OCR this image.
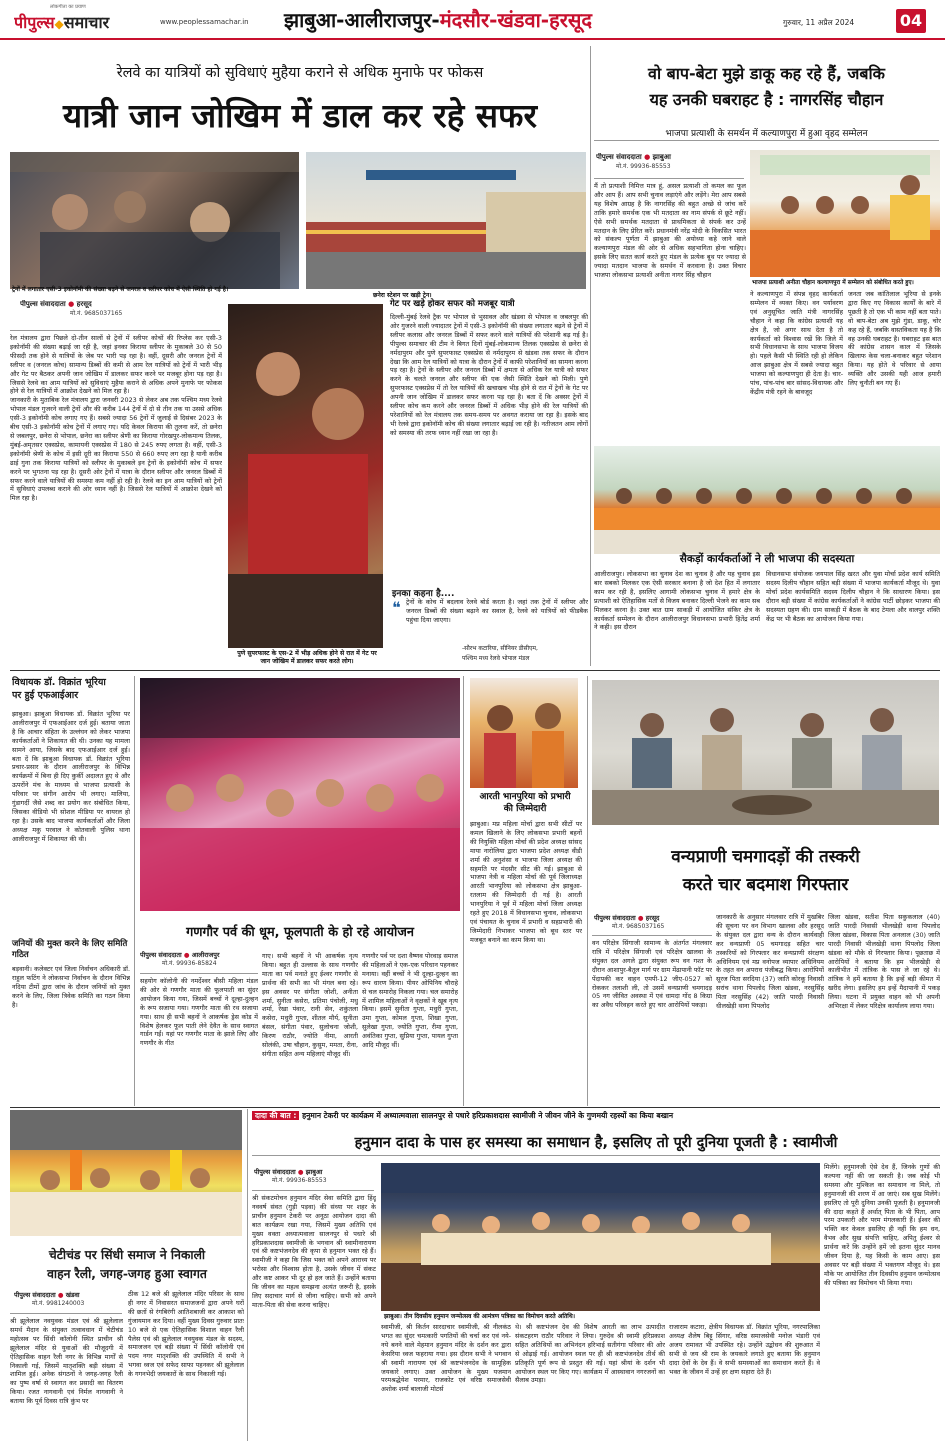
लोकगीता का प्रयाण
पीपुल्स◆समाचार	www.peoplessamachar.in झाबुआ-आलीराजपुर-मंदसौर-खंडवा-हरसूद	गुरुवार, 11 अप्रैल 2024	04
रेलवे का यात्रियों को सुविधाएं मुहैया कराने से अधिक मुनाफे पर फोकस
यात्री जान जोखिम में डाल कर रहे सफर
ट्रेनों में लगातार एसी-3 इकोनॉमी की संख्या बढ़ने से जनरल व स्लीपर कोच में ऐसी स्थिति हो गई है।
छनेरा स्टेशन पर खड़ी ट्रेन।
पीपुल्स संवाददाता ● हरसूद
मो.नं. 9685037165
रेल मंत्रालय द्वारा पिछले दो-तीन सालों से ट्रेनों में स्लीपर कोचों की रिप्लेस कर एसी-3 इकोनॉमी की संख्या बढ़ाई जा रही है, जहां इनका किराया स्लीपर के मुकाबले 30 से 50 फीसदी तक होने से यात्रियों के जेब पर भारी पड़ रहा है। वहीं, दूसरी और जनरल ट्रेनों में स्लीपर व (जनरल कोच) सामान्य डिब्बों की कमी से आम रेल यात्रियों को ट्रेनों में भारी भीड़ और गेट पर बैठकर अपनी जान जोखिम में डालकर सफर करने पर मजबूर होना पड़ रहा है। जिससे रेलवे का आम यात्रियों को सुविधाएं मुहैया कराने से अधिक अपने मुनाफे पर फोकस होने से रेल यात्रियों में आक्रोश देखने को मिल रहा है।
जानकारी के मुताबिक रेल मंत्रालय द्वारा जनवरी 2023 से लेकर अब तक पश्चिम मध्य रेलवे भोपाल मंडल गुजरने वाली ट्रेनों और की करीब 144 ट्रेनों में दो से तीन तक या उससे अधिक एसी-3 इकोनॉमी कोच लगाए गए हैं। सबसे ज्यादा 56 ट्रेनों में जुलाई से दिसंबर 2023 के बीच एसी-3 इकोनॉमी कोच ट्रेनों में लगाए गए। यदि केवल किराया की तुलना करें, तो छनेरा से जबलपुर, छनेरा से भोपाल, छनेरा का स्लीपर श्रेणी का किराया गोरखपुर-लोकमान्य तिलक, मुंबई-अमृतसर एक्सप्रेस, कामायनी एक्सप्रेस में 180 से 245 रुपए लगता है। वहीं, एसी-3 इकोनॉमी श्रेणी के कोच में इसी दूरी का किराया 550 से 660 रुपए लग रहा है यानी करीब ढाई गुना तक किराया यात्रियों को स्लीपर के मुकाबले इन ट्रेनों के इकोनॉमी कोच में सफर करने पर भुगतना पड़ रहा है। दूसरी ओर ट्रेनों में यात्रा के दौरान स्लीपर और जनरल डिब्बों में सफर करने वाले यात्रियों की समस्या कम नहीं हो रही है। रेलवे का इन आम यात्रियों को ट्रेनों में सुविधाएं उपलब्ध कराने की ओर ध्यान नहीं है। जिससे रेल यात्रियों में आक्रोश देखने को मिल रहा है।
पुणे सुपरफास्ट के एस-2 में भीड़ अधिक होने से रात में गेट पर जान जोखिम में डालकर सफर करते लोग।
गेट पर खड़े होकर सफर को मजबूर यात्री
दिल्ली-मुंबई रेलवे ट्रैक पर भोपाल से भुसावल और खंडवा से भोपाल व जबलपुर की ओर गुजरने वाली ज्यादातर ट्रेनों में एसी-3 इकोनॉमी की संख्या लगातार बढ़ने से ट्रेनों में स्लीपर कलास और जनरल डिब्बों में सफर करने वाले यात्रियों की परेशानी बढ़ गई है। पीपुल्स समाचार की टीम ने बिगत दिनों मुंबई-लोकमान्य तिलक एक्सप्रेस से छनेरा से नर्मदापुरम और पुणे सुपरफास्ट एक्सप्रेस से नर्मदापुरम से खंडवा तक सफर के दौरान देखा कि आम रेल यात्रियों को यात्रा के दौरान ट्रेनों में काफी परेशानियों का सामना करना पड़ रहा है। ट्रेनों के स्लीपर और जनरल डिब्बों में क्षमता से अधिक रेल यात्री को सफर करने के चलते जनरल और स्लीपर की एक जैसी स्थिति देखने को मिली। पुणे सुपरफास्ट एक्सप्रेस में तो रेल यात्रियों की खचाखच भीड़ होने से रात में ट्रेनों के गेट पर अपनी जान जोखिम में डालकर सफर करना पड़ रहा है। बता दें कि अक्सर ट्रेनों में स्लीपर कोच कम करने और जनरल डिब्बों में अधिक भीड़ होने की रेल यात्रियों की परेशानियों को रेल मंत्रालय तक समय-समय पर अवगत कराया जा रहा है। इसके बाद भी रेलवे द्वारा इकोनॉमी कोच की संख्या लगातार बढ़ाई जा रही है। नतीजतन आम लोगों को समस्या की तरफ ध्यान नहीं रखा जा रहा है।
इनका कहना है....
❝ ट्रेनों के कोच में बदलाव रेलवे बोर्ड करता है। जहां तक ट्रेनों में स्लीपर और जनरल डिब्बों की संख्या बढ़ाने का सवाल है, रेलवे को यात्रियों को फीडबैक पहुंचा दिया जाएगा।
-सौरभ कटारिया, सीनियर डीसीएम,
पश्चिम मध्य रेलवे भोपाल मंडल
वो बाप-बेटा मुझे डाकू कह रहे हैं, जबकि
यह उनकी घबराहट है : नागरसिंह चौहान
भाजपा प्रत्याशी के समर्थन में कल्याणपुरा में हुआ वृहद सम्मेलन
पीपुल्स संवाददाता ● झाबुआ
मो.नं. 99936-85553
मैं तो प्रत्याशी निमित्त मात्र हूं, असल प्रत्याशी तो कमल का फूल और आप हैं। आप सभी चुनाव लड़ाएंगे और लड़ेंगे। मेरा आप सबसे यह विशेष आग्रह है कि नागरसिंह की बहुत अच्छे से जांच करें ताकि हमारे समर्थक एक भी मतदाता का नाम संपर्क से छूटे नहीं। ऐसे सभी समर्थक मतदाता से प्राथमिकता से संपर्क कर उन्हें मतदान के लिए प्रेरित करें। प्रधानमंत्री नरेंद्र मोदी के विकसित भारत को संकल्प पूर्णता में झाबुआ की अयोध्या कहे जाने वाले कल्याणपुरा मंडल की ओर से अधिक सहभागिता होना चाहिए। इसके लिए सतत कार्य करते हुए मंडल के प्रत्येक बूथ पर ज्यादा से ज्यादा मतदान भाजपा के समर्थन में करवाना है। उक्त विचार भाजपा लोकसभा प्रत्याशी अनीता नागर सिंह चौहान
भाजपा प्रत्याशी अनीता चौहान कल्याणपुरा में सम्मेलन को संबोधित करते हुए।
ने कल्याणपुरा में संपन्न वृहद कार्यकर्ता सम्मेलन में व्यक्त किए। वन पर्यावरण एवं अनुसूचित जाति मंत्री नागरसिंह चौहान ने कहा कि कांग्रेस प्रत्याशी यह क्षेत्र है, जो अगर साथ देता है तो कार्यकर्ता को विश्वास रखें कि जिले में सभी विधानसभा के साथ भाजपा विजय हो। पहले कैसी भी स्थिति रही हो लेकिन आज झाबुआ क्षेत्र में सबसे ज्यादा बहुत भाजपा को कल्याणपुरा ही देता है। चार-पांच, पांच-पांच बार सांसद-विधायक और केंद्रीय मंत्री रहने के बावजूद
जनता जब कांतिलाल भूरिया से इनके द्वारा किए गए विकास कार्यों के बारे में पूछती है तो एक भी काम नहीं बता पाते। वो बाप-बेटा अब मुझे गुंडा, डाकू, चोर कह रहे हैं, जबकि वास्तविकता यह है कि वह उनकी घबराहट है। घबराहट इस बात की कांग्रेस शासन काल में जिसके खिलाफ केस चला-बनाकर बहुत परेशान किया। यह होते थे परिवार से आया व्यक्ति और उसकी यही आज हमारी लिए चुनौती बन गए हैं।
सैकड़ों कार्यकर्ताओं ने ली भाजपा की सदस्यता
आलीराजपुर। लोकसभा का चुनाव देश का चुनाव है और यह चुनाव इस बार सबको मिलकर एक ऐसी सरकार बनाना है जो देश हित में लगातार काम कर रही है, इसलिए आगामी लोकसभा चुनाव में हमारे क्षेत्र के प्रत्याशी को ऐतिहासिक मतों से विजय बनाकर दिल्ली भेजने का काम सब मिलकर करना है। उक्त बात ग्राम साकड़ी में आयोजित संकिर क्षेत्र के कार्यकर्ता सम्मेलन के दौरान आलीराजपुर विधानसभा प्रभारी हितेंद्र शर्मा ने कही। इस दौरान
विधानसभा संयोजक जयपाल सिंह खरत और युवा मोर्चा प्रदेश कार्य समिति सदस्य दिलीप चौहान सहित बड़ी संख्या में भाजपा कार्यकर्ता मौजूद थे। युवा मोर्चा प्रदेश कार्यसमिति सदस्य दिलीप चौहान ने कि साधारण किया। इस दौरान बड़ी संख्या में कांग्रेस कार्यकर्ताओं ने कांग्रेस पार्टी छोड़कर भाजपा की सदस्यता ग्रहण की। ग्राम साकड़ी में बैठक के बाद टेमला और वालपुर शक्ति केंद्र पर भी बैठक का आयोजन किया गया।
विधायक डॉ. विक्रांत भूरिया
पर हुई एफआईआर
झाबुआ। झाबुआ विधायक डॉ. विक्रांत भूरिया पर आलीराजपुर में एफआईआर दर्ज हुई। बताया जाता है कि आचार संहिता के उल्लंघन को लेकर भाजपा कार्यकर्ताओं ने शिकायत की थी। उनका यह मामला सामने आया, जिसके बाद एफआईआर दर्ज हुई। बता दें कि झाबुआ विधायक डॉ. विक्रांत भूरिया प्रचार-प्रसार के दौरान आलीराजपुर के विभिन्न कार्यक्रमों में बिना ही दिए कुर्की अदालत हुए थे और ऊपरोंने मंच के माध्यम से भाजपा प्रत्याशी के परिवार पर संगीन आरोप भी लगाए। मालिया, गुंडागर्दी जैसे शब्द का प्रयोग कर संबोधित किया, जिसका वीडियो भी सोशल मीडिया पर वायरल हो रहा है। उसके बाद भाजपा कार्यकर्ताओं और जिला अध्यक्ष मकु परवाल ने कोतवाली पुलिस थाना आलीराजपुर में शिकायत की थी।
जनियों की मुक्त करने के लिए समिति गठित
बड़वानी। कलेक्टर एवं जिला निर्वाचन अधिकारी डॉ. राहुल फटिंग ने लोकसभा निर्वाचन के दौरान विभिन्न नदिया टीमों द्वारा जांच के दौरान जनियों को मुक्त करने के लिए, जिला त्रिवेक समिति का गठन किया है।
गणगौर पर्व की धूम, फूलपाती के हो रहे आयोजन
पीपुल्स संवाददाता ● आलीराजपुर
मो.नं. 99936-85824
सहयोग कॉलोनी की नमर्देश्वर बीसी महिला मंडल की ओर से गणगौर माता की फूलपाती का सुंदर आयोजन किया गया, जिसमें बच्चों ने दूल्हा-दुल्हन के रूप सजाया गया। गणगौर माता की रथ सजाया गया। साथ ही सभी बहनों ने आकर्षक ड्रेस कोड में विशेष हेलकर फूल पाती लेने देवैत के साथ स्वागत गार्डन गईं। यहां पर गणगौर माता के झाले लिए और गणगौर के गीत
गाए। सभी बहनों ने भी आकर्षक नृत्य किया। बहुत ही उल्लास के साथ गणगौर माता का पर्व मनाते हुए ईश्वर गणगौर से प्रार्थना की सभी का भी मंगल बना रहे। इस अवसर पर संगीता जोशी, अनीता शर्मा, सुनीता कसेरा, प्रतिमा पंचोली, मधु शर्मा, रेखा पंवार, रानी सेन, शकुंतला कसेरा, मधुरी गुप्ता, शीतल मौर्य, सुनीता बंसल, संगीता पंवार, सुलोचना जोशी, किरण राठौर, ज्योति नीमा, आरती सोलंकी, उषा चौहान, कुसुम, ममता, रीना, संगीता सहित अन्य महिलाएं मौजूद थीं।
गणगौर पर्व पर दशा वैष्णव पोरवाड़ समाज की महिलाओं ने एक-एक परिधान पहनकर मनाया। वहीं बच्चों ने भी दूल्हा-दुल्हन का रूप धारण किया। पीयर ओपिनिय चौराहे से चल समारोह निकला गया। चल समारोह में शामिल महिलाओं ने वृक्षकों ने खूब नृत्य किया। इसमें सुनीता गुप्ता, मधुरी गुप्ता, उमा गुप्ता, कोमल गुप्ता, शिखा गुप्ता, सुलेखा गुप्ता, ज्योति गुप्ता, रीमा गुप्ता, अवंतिका गुप्ता, सुप्रिया गुप्ता, पायल गुप्ता आदि मौजूद थीं।
आरती भानपुरिया को प्रभारी की जिम्मेदारी
झाबुआ। मप्र महिला मोर्चा द्वारा सभी सीटों पर कमल खिलाने के लिए लोकसभा प्रभारी बहनों की नियुक्ति महिला मोर्चा की प्रदेश अध्यक्ष सांसद माया नारोलिया द्वारा भाजपा प्रदेश अध्यक्ष वीडी शर्मा की अनुशंसा व भाजपा जिला अध्यक्ष की सहमति पर मंदसौर सीट की गई। झाबुआ से भाजपा नेत्री व महिला मोर्चा की पूर्व जिलाध्यक्ष आरती भानपुरिया को लोकसभा क्षेत्र झाबुआ-रतलाम की जिम्मेदारी दी गई है। आरती भानपुरिया ने पूर्व में महिला मोर्चा जिला अध्यक्ष रहते हुए 2018 में विधानसभा चुनाव, लोकसभा एवं पंचायत के चुनाव में प्रभारी व सहप्रभारी की जिम्मेदारी निभाकर भाजपा को बूथ स्तर पर मजबूत बनाने का काम किया था।
वन्यप्राणी चमगादड़ों की तस्करी
करते चार बदमाश गिरफ्तार
पीपुल्स संवाददाता ● हरसूद
मो.नं. 9685037165
वन परिक्षेत्र सिंगाजी सामान्य के अंतर्गत मंगलवार रात्रि में परिक्षेत्र सिंगाजी एवं परिक्षेत्र खालवा के संयुक्त दल अगले द्वारा संयुक्त रूप वन गश्त के दौरान आशापुर-बैतूल मार्ग पर ग्राम मेंढापानी फॉट पर पेंदापकी कर वाहन एमपी-12 जीए-0527 को रोककर तलाशी ली, तो उसमें वन्यप्राणी चमगादड़ 05 नग जीवित अवस्था में एवं धामदा गोंद 8 किग्रा का अवैध परिवहन करते हुए चार आरोपियों पकड़ा।
जानकारी के अनुसार मंगलवार रात्रि में मुखबिर की सूचना पर वन विभाग खालवा और हरसूद के संयुक्त दल द्वारा वन्य के दौरान कार्यवाही कर वन्यप्राणी 05 चमगादड़ सहित चार तस्करियों को गिरफ्तार कर वन्यप्राणी संरक्षण अधिनियम एवं मप्र वनोपज व्यापार अधिनियम के तहत वन अपराध पंजीबद्ध किया। आरोपियों सूरज पिता सरदिया (37) जाति कोरकू निवासी सरांच थाना पिपलोद जिला खंडवा, नरसुसिंह पिता नरसुसिंह (42) जाति पारदी निवासी धीलखेड़ी थाना पिपलोद
जिला खंडवा, सतीश पिता सकुकलाल (40) जाति पारदी निवासी भीलखेड़ी थाना पिपलोद जिला खंडवा, विकास पिता अनलाल (30) जाति पारदी निवासी भीलखेड़ी थाना पिपलोद जिला खंडवा को मौके से गिरफ्तार किया। पूछताछ में आरोपियों ने बताया कि हम भीलखेड़ी से कालीभीत में तांत्रिक के पास ले जा रहे थे। तांत्रिक ने हमें बताया है कि इन्हें बड़ी कीमत में खरीद लेगा। इसलिए हम इन्हें मैदापानी में पकड़ लिया। घटना में प्रयुक्त वाहन को भी अपनी अभिरक्षा में लेकर परिक्षेत्र कार्यालय लाया गया।
दादा की बात : हनुमान टेकरी पर कार्यक्रम में अध्यात्मवाला सालनपुर से पधारे हरिप्रकाशदास स्वामीजी ने जीवन जीने के गुणमयी रहस्यों का किया बखान
हनुमान दादा के पास हर समस्या का समाधान है, इसलिए तो पूरी दुनिया पूजती है : स्वामीजी
पीपुल्स संवाददाता ● झाबुआ
मो.नं. 99936-85553
श्री संकटमोचन हनुमान मंदिर सेवा समिति द्वारा हिंदू नववर्ष संवत (गुड़ी पड़वा) की संध्या पर शहर के प्राचीन हनुमान टेकरी पर अनूठा आयोजन दादा की बात कार्यक्रम रखा गया, जिसमें मुख्य अतिथि एवं मुख्य वक्ता अध्यात्मवाला सालनपुर से पधारे श्री हरिप्रकाशदास स्वामीजी के भगवान श्री स्वामीनारायण एवं श्री कष्टभंजनदेव की कृपा से हनुमान भक्त रहे हैं। स्वामीजी ने कहा कि जिस भक्त को अपने आराध्य पर भरोसा और विश्वास होता है, उसके जीवन में संकट और कष्ट आकर भी दूर हो हल जाते हैं। उन्होंने बताया कि जीवन का महत्व समझना अत्यंत जरूरी है, इसके लिए सदाचार मार्ग से जीना चाहिए। सभी को अपने माता-पिता की सेवा करना चाहिए।
झाबुआ। तीन दिवसीय हनुमान जन्मोत्सव की आमंत्रण पत्रिका का विमोचन करते अतिथि।
स्वामीजी, श्री किर्तन सारदाचार स्वामीजी, श्री नीलकंठ भगत का सुंदर चमत्कारी पगतियों की चर्चा कर एवं नये-नये बनने वाले मेहमान हनुमान मंदिर के दर्शन कर द्वारा केसरिया ध्वज फहराया गया। इस दौरान सभी ने भगवान श्री स्वामी नारायण एवं श्री कष्टभंजनदेव के सामूहिक जयकारे लगाए। उक्त आयोजन के मुख्य यजमान परमश्रद्धेयेश परमार, राजकोट एवं वरिष्ठ समाजसेवी अशोक शर्मा बालाजी मोटर्स
थे। श्री कष्टभंजन देव की विशेष आरती का लाभ उत्पादीत संकटहरण राठौर परिवार ने लिया। गुरुदेव श्री स्वामी हरिप्रकाश सहित अतिथियों का अभिनंदन हरिभाई सतीगंगा परिवार की ओर से ओढ़ाई गई। आयोजन स्थल पर ही श्री कष्टभंजनदेव तीर्थ की प्रतिकृति पूर्ण रूप से प्रस्तुत की गई। यहां श्रीयां के दर्शन भी आयोजन स्थल पर किए गए। कार्यक्रम में आस्थावान नगरजनों का सैलाब उमड़ा।
राजाराम कटारा, क्षेत्रीय विधायक डॉ. विक्रांत भूरिया, नगरपालिका अध्यक्ष शैलेष बिट्टू सिंगार, वरिष्ठ समाजसेवी मनोज भंडारी एवं अजय रामावत भी उपस्थित रहे। उन्होंने उद्बोधन की शुरुआत में सभी से जय श्री राम के जयकारे लगाते हुए बताया कि हनुमान दादा देवों के देव हैं। वे सभी समस्याओं का समाधान करते हैं। वे भक्त के जीवन में उन्हें हर क्षण सहारा देते हैं।
मिलेंगे। हनुमानजी ऐसे देव हैं, जिनके गुणों की कल्पना नहीं की जा सकती है। जब कोई भी समस्या और मुश्किल का समाधान ना मिले, तो हनुमानजी की शरण में आ जाएं। सब सुख मिलेंगे। इसलिए तो पूरी दुनिया उनकी पूजती है। हनुमानजी की दादा कहते हैं अर्थात् पिता के भी पिता, आप परम उपकारी और परम मंगलकारी हैं। ईश्वर की भक्ति कर केवल इसलिए ही नहीं कि हम धन, वैभव और सुख संपत्ति चाहिए, अपितु ईश्वर से प्रार्थना करें कि उन्होंने हमें जो इतना सुंदर मानव जीवन दिया है, यह किसी के काम आए। इस अवसर पर बड़ी संख्या में भक्तगण मौजूद थे। इस मौके पर आयोजित तीन दिवसीय हनुमान जन्मोत्सव की पत्रिका का विमोचन भी किया गया।
चेटीचंड पर सिंधी समाज ने निकाली
वाहन रैली, जगह-जगह हुआ स्वागत
पीपुल्स संवाददाता ● खंडवा
मो.नं. 9981240003
श्री झूलेलाल नवयुवक मंडल एवं श्री झूलेलाल समर्थ मैदान के संयुक्त तत्वावधान में चेटीचंड महोत्सव पर सिंधी कॉलोनी स्थित प्राचीन श्री झूलेलाल मंदिर से युवाओं की मौजूदगी में ऐतिहासिक वाहन रैली नगर के विभिन्न मार्गों से निकाली गई, जिसमें मातृशक्ति बड़ी संख्या में शामिल हुई। अनेक संगठनों ने जगह-जगह रैली का पुष्प वर्षा से स्वागत कर प्रसादी का वितरण किया। रजत नागवानी एवं निर्मल नागवानी ने बताया कि पूर्व दिवस रात्रि कुंभ पर
ठीक 12 बजे श्री झूलेलाल मंदिर परिसर के साथ ही नगर में निवासरत समाजजनों द्वारा अपने घरों की छतों से रंगबिरंगी आतिशबाजी कर आकाश को गुंजायमान कर दिया। वहीं मुख्य दिवस गुरुवार प्रातः 10 बजे से एक ऐतिहासिक विशाल वाहन रैली पैलेस एवं श्री झूलेलाल नवयुवक मंडल के सदस्य, समाजजन एवं बड़ी संख्या में सिंधी कॉलोनी एवं पदम नगर मातृशक्ति की उपस्थिति में सभी ने भगवा ध्वज एवं सफेद साफा पहनकर श्री झूलेलाल के गगनभेदी जयकारों के साथ निकाली गई।
